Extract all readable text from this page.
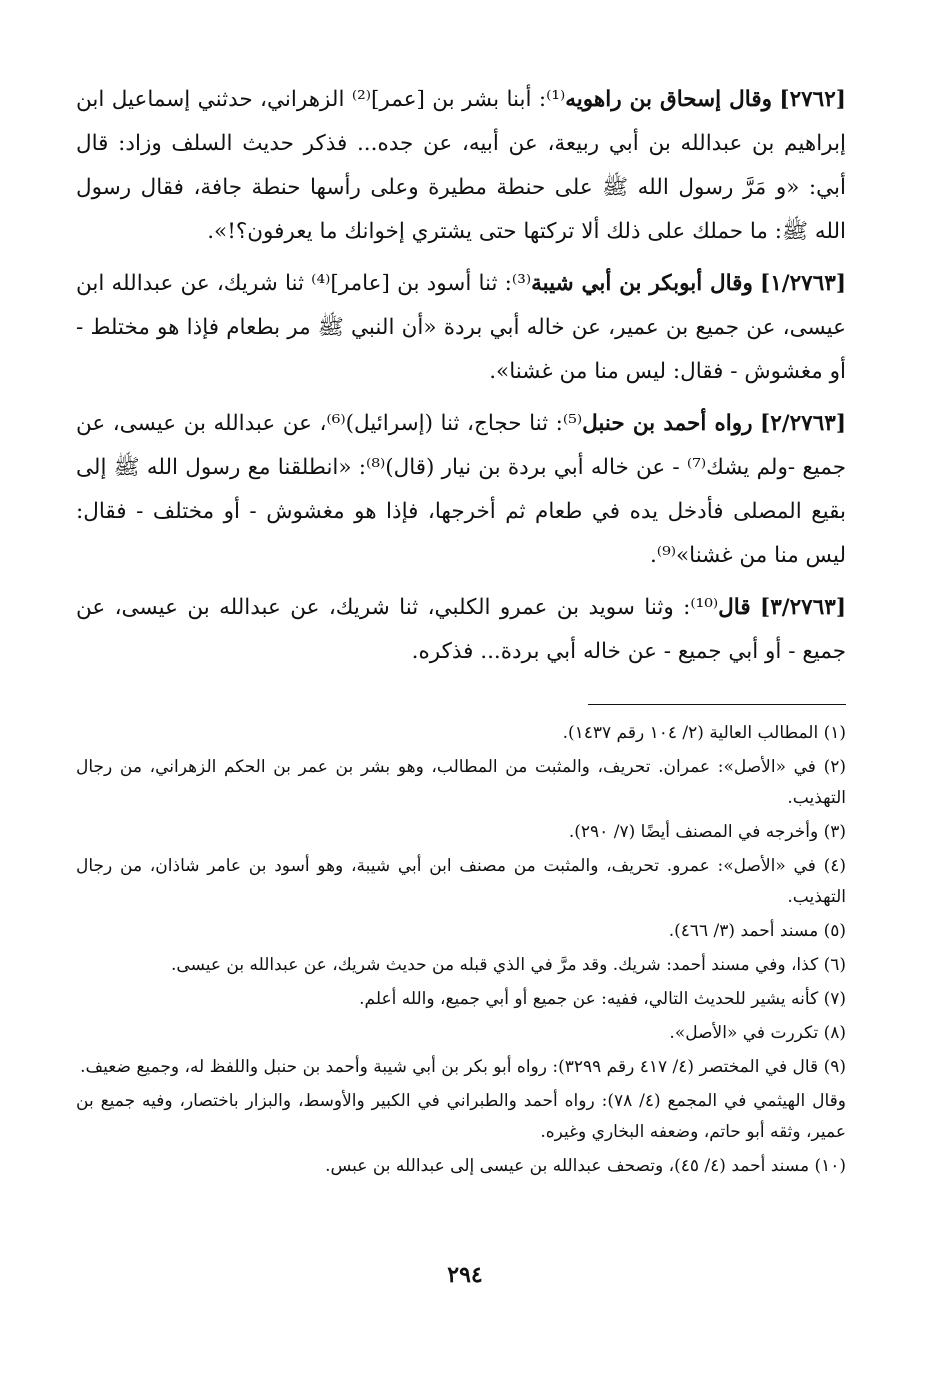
[٢٧٦٢] وقال إسحاق بن راهويه⁽¹⁾: أبنا بشر بن [عمر]⁽²⁾ الزهراني، حدثني إسماعيل ابن إبراهيم بن عبدالله بن أبي ربيعة، عن أبيه، عن جده... فذكر حديث السلف وزاد: قال أبي: «و مَرَّ رسول الله ﷺ على حنطة مطيرة وعلى رأسها حنطة جافة، فقال رسول الله ﷺ: ما حملك على ذلك ألا تركتها حتى يشتري إخوانك ما يعرفون؟!».

[١/٢٧٦٣] وقال أبوبكر بن أبي شيبة⁽³⁾: ثنا أسود بن [عامر]⁽⁴⁾ ثنا شريك، عن عبدالله ابن عيسى، عن جميع بن عمير، عن خاله أبي بردة «أن النبي ﷺ مر بطعام فإذا هو مختلط - أو مغشوش - فقال: ليس منا من غشنا».

[٢/٢٧٦٣] رواه أحمد بن حنبل⁽⁵⁾: ثنا حجاج، ثنا (إسرائيل)⁽⁶⁾، عن عبدالله بن عيسى، عن جميع -ولم يشك⁽⁷⁾ - عن خاله أبي بردة بن نيار (قال)⁽⁸⁾: «انطلقنا مع رسول الله ﷺ إلى بقيع المصلى فأدخل يده في طعام ثم أخرجها، فإذا هو مغشوش - أو مختلف - فقال: ليس منا من غشنا»⁽⁹⁾.

[٣/٢٧٦٣] قال⁽¹⁰⁾: وثنا سويد بن عمرو الكلبي، ثنا شريك، عن عبدالله بن عيسى، عن جميع - أو أبي جميع - عن خاله أبي بردة... فذكره.

(١) المطالب العالية (٢/ ١٠٤ رقم ١٤٣٧).

(٢) في «الأصل»: عمران. تحريف، والمثبت من المطالب، وهو بشر بن عمر بن الحكم الزهراني، من رجال التهذيب.

(٣) وأخرجه في المصنف أيضًا (٧/ ٢٩٠).

(٤) في «الأصل»: عمرو. تحريف، والمثبت من مصنف ابن أبي شيبة، وهو أسود بن عامر شاذان، من رجال التهذيب.

(٥) مسند أحمد (٣/ ٤٦٦).

(٦) كذا، وفي مسند أحمد: شريك. وقد مرَّ في الذي قبله من حديث شريك، عن عبدالله بن عيسى.

(٧) كأنه يشير للحديث التالي، ففيه: عن جميع أو أبي جميع، والله أعلم.

(٨) تكررت في «الأصل».

(٩) قال في المختصر (٤/ ٤١٧ رقم ٣٢٩٩): رواه أبو بكر بن أبي شيبة وأحمد بن حنبل واللفظ له، وجميع ضعيف.

وقال الهيثمي في المجمع (٤/ ٧٨): رواه أحمد والطبراني في الكبير والأوسط، والبزار باختصار، وفيه جميع بن عمير، وثقه أبو حاتم، وضعفه البخاري وغيره.

(١٠) مسند أحمد (٤/ ٤٥)، وتصحف عبدالله بن عيسى إلى عبدالله بن عبس.

٢٩٤
